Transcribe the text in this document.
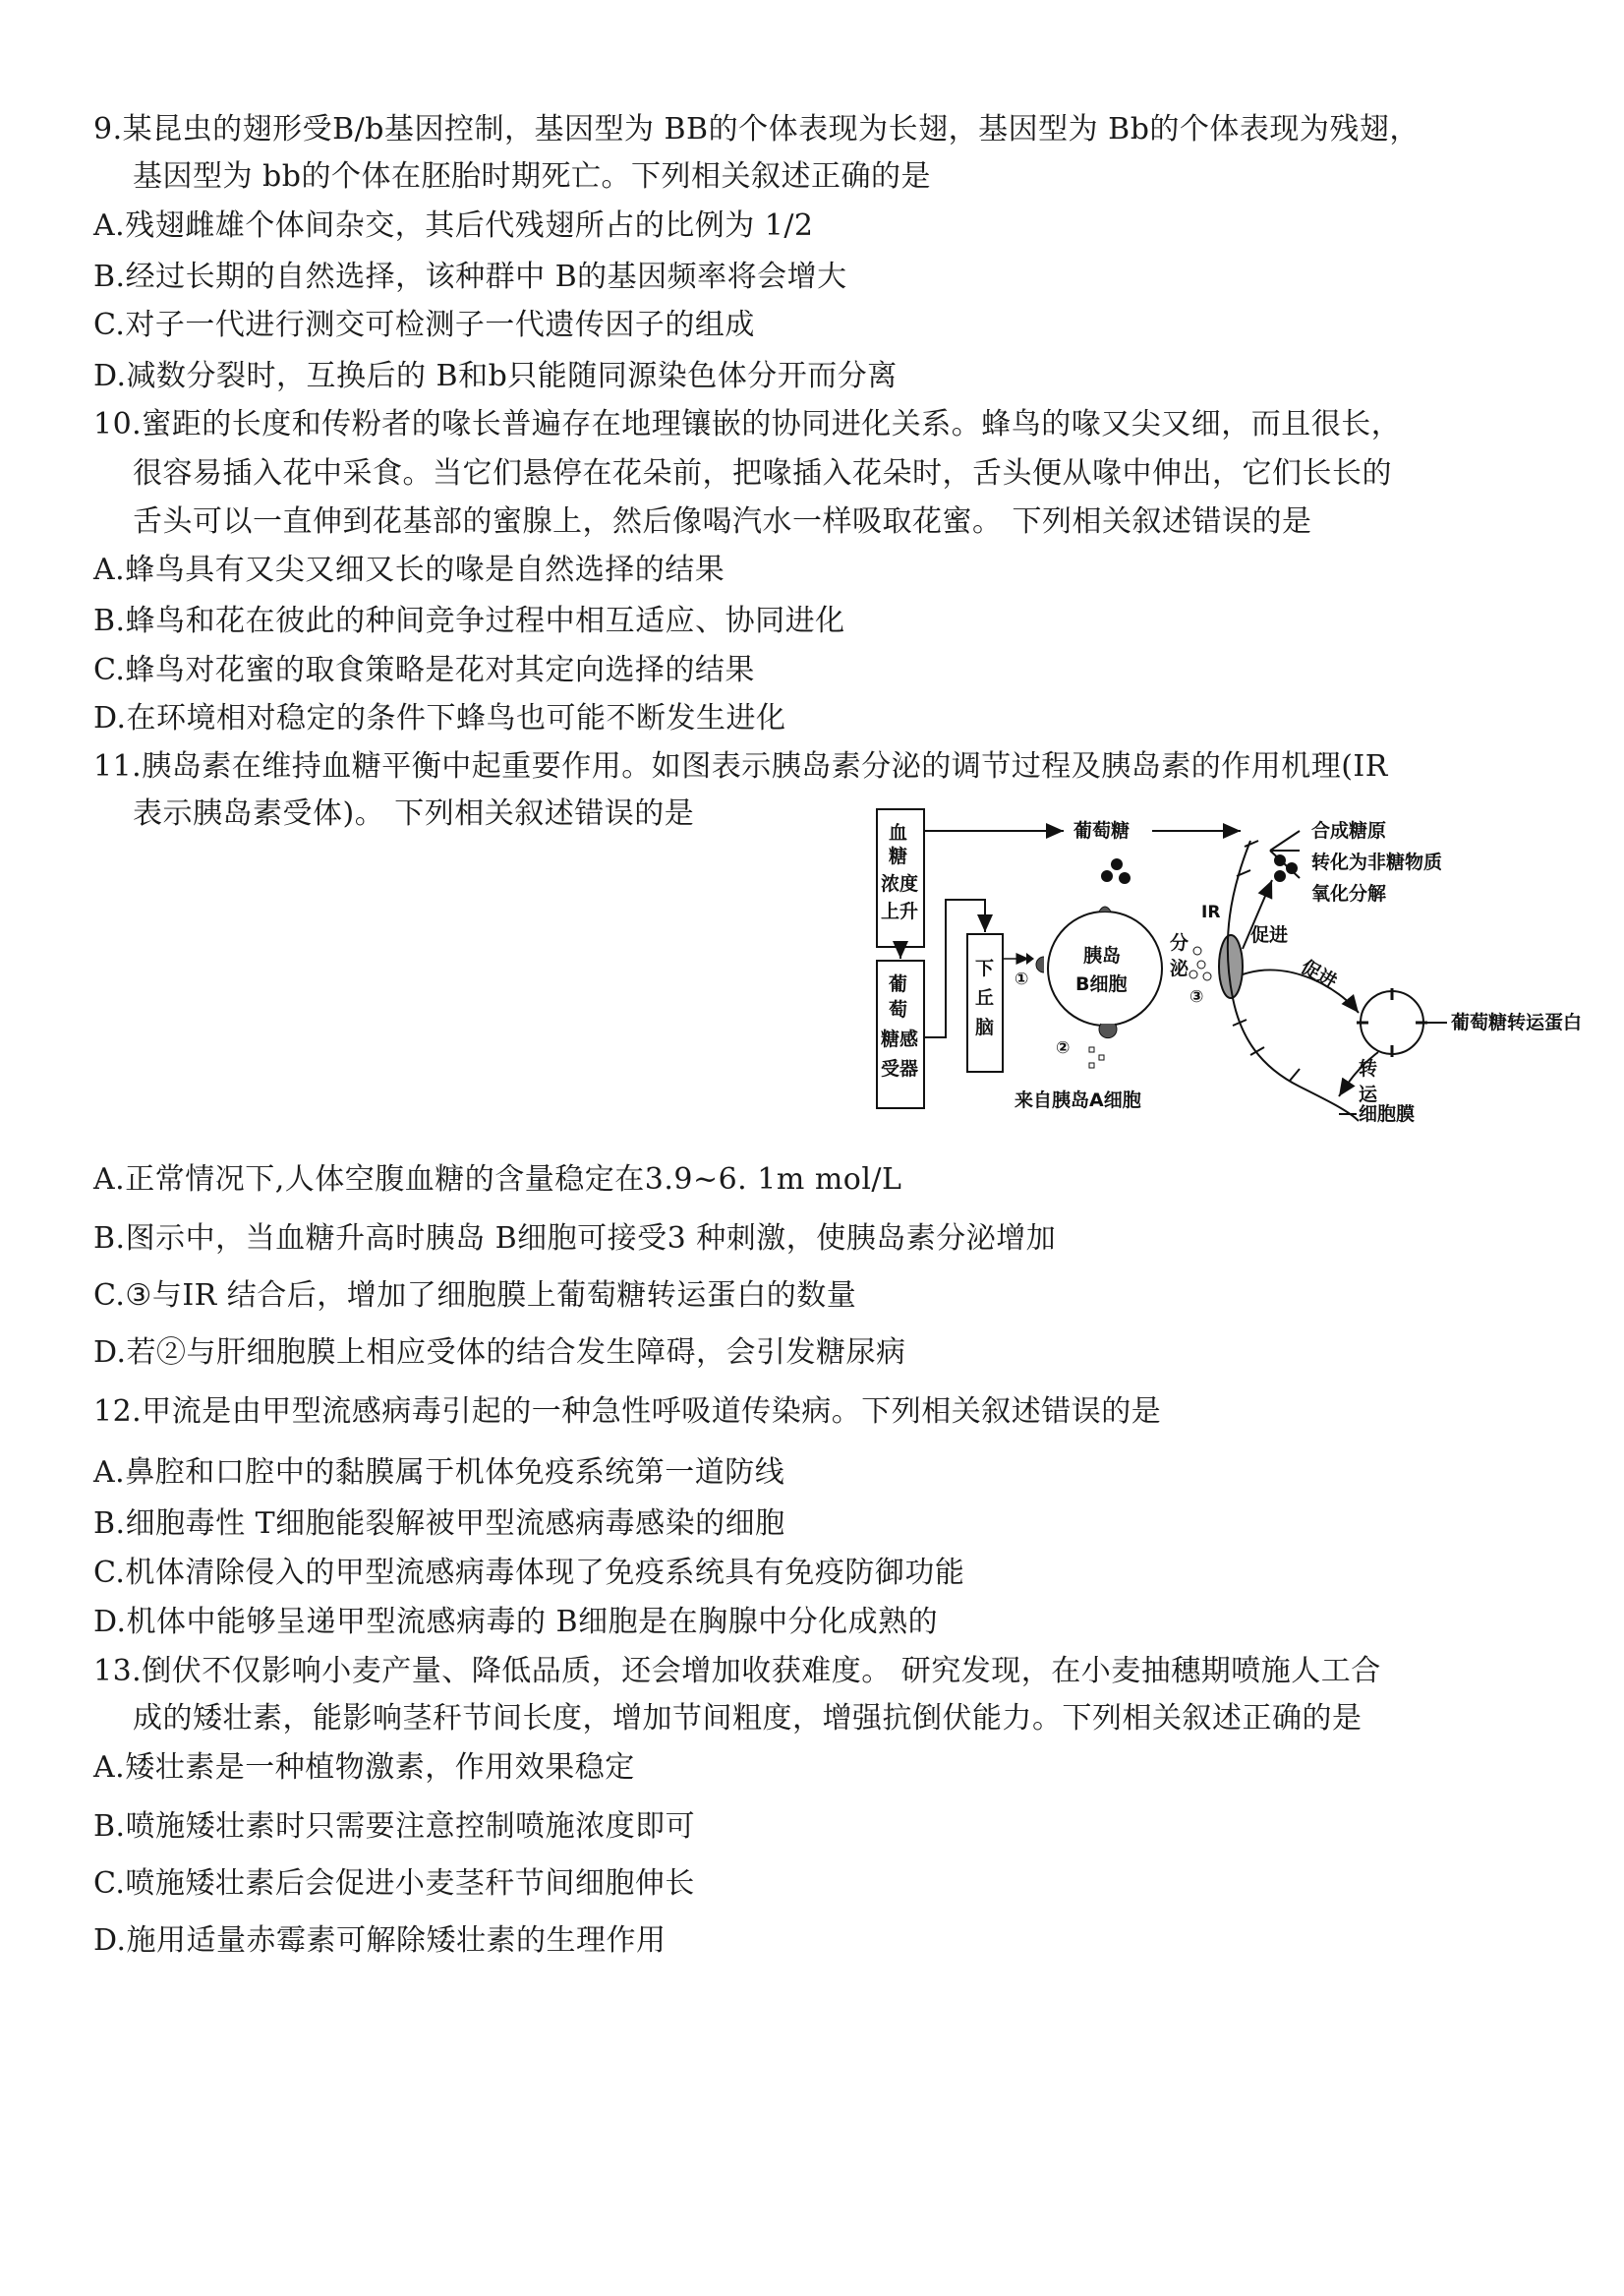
9.某昆虫的翅形受B/b基因控制，基因型为 BB的个体表现为长翅，基因型为 Bb的个体表现为残翅，
基因型为 bb的个体在胚胎时期死亡。下列相关叙述正确的是
A.残翅雌雄个体间杂交，其后代残翅所占的比例为 1/2
B.经过长期的自然选择，该种群中 B的基因频率将会增大
C.对子一代进行测交可检测子一代遗传因子的组成
D.减数分裂时，互换后的 B和b只能随同源染色体分开而分离
10.蜜距的长度和传粉者的喙长普遍存在地理镶嵌的协同进化关系。蜂鸟的喙又尖又细，而且很长，
很容易插入花中采食。当它们悬停在花朵前，把喙插入花朵时，舌头便从喙中伸出，它们长长的
舌头可以一直伸到花基部的蜜腺上，然后像喝汽水一样吸取花蜜。 下列相关叙述错误的是
A.蜂鸟具有又尖又细又长的喙是自然选择的结果
B.蜂鸟和花在彼此的种间竞争过程中相互适应、协同进化
C.蜂鸟对花蜜的取食策略是花对其定向选择的结果
D.在环境相对稳定的条件下蜂鸟也可能不断发生进化
11.胰岛素在维持血糖平衡中起重要作用。如图表示胰岛素分泌的调节过程及胰岛素的作用机理(IR
表示胰岛素受体)。 下列相关叙述错误的是
血
糖
浓度
上升
葡
萄
糖感
受器
下
丘
脑
①
葡萄糖
胰岛
B细胞
②
来自胰岛A细胞
分
泌
③
IR
促进
促进
合成糖原
转化为非糖物质
氧化分解
葡萄糖转运蛋白
转
运
细胞膜
A.正常情况下,人体空腹血糖的含量稳定在3.9~6. 1m mol/L
B.图示中，当血糖升高时胰岛 B细胞可接受3 种刺激，使胰岛素分泌增加
C.③与IR 结合后，增加了细胞膜上葡萄糖转运蛋白的数量
D.若②与肝细胞膜上相应受体的结合发生障碍，会引发糖尿病
12.甲流是由甲型流感病毒引起的一种急性呼吸道传染病。下列相关叙述错误的是
A.鼻腔和口腔中的黏膜属于机体免疫系统第一道防线
B.细胞毒性 T细胞能裂解被甲型流感病毒感染的细胞
C.机体清除侵入的甲型流感病毒体现了免疫系统具有免疫防御功能
D.机体中能够呈递甲型流感病毒的 B细胞是在胸腺中分化成熟的
13.倒伏不仅影响小麦产量、降低品质，还会增加收获难度。 研究发现，在小麦抽穗期喷施人工合
成的矮壮素，能影响茎秆节间长度，增加节间粗度，增强抗倒伏能力。下列相关叙述正确的是
A.矮壮素是一种植物激素，作用效果稳定
B.喷施矮壮素时只需要注意控制喷施浓度即可
C.喷施矮壮素后会促进小麦茎秆节间细胞伸长
D.施用适量赤霉素可解除矮壮素的生理作用
